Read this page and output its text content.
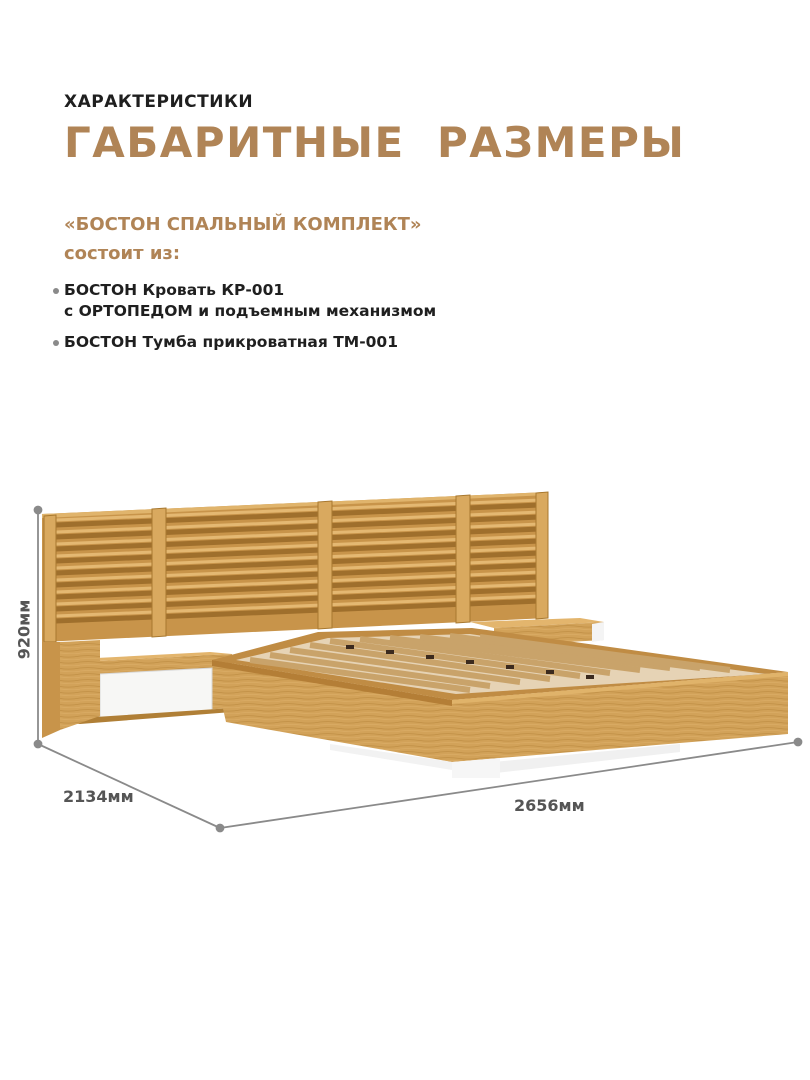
ХАРАКТЕРИСТИКИ
ГАБАРИТНЫЕ  РАЗМЕРЫ
«БОСТОН СПАЛЬНЫЙ КОМПЛЕКТ»
состоит из:
БОСТОН Кровать КР-001
с ОРТОПЕДОМ и подъемным механизмом
БОСТОН Тумба прикроватная ТМ-001
920мм
2134мм	2656мм
